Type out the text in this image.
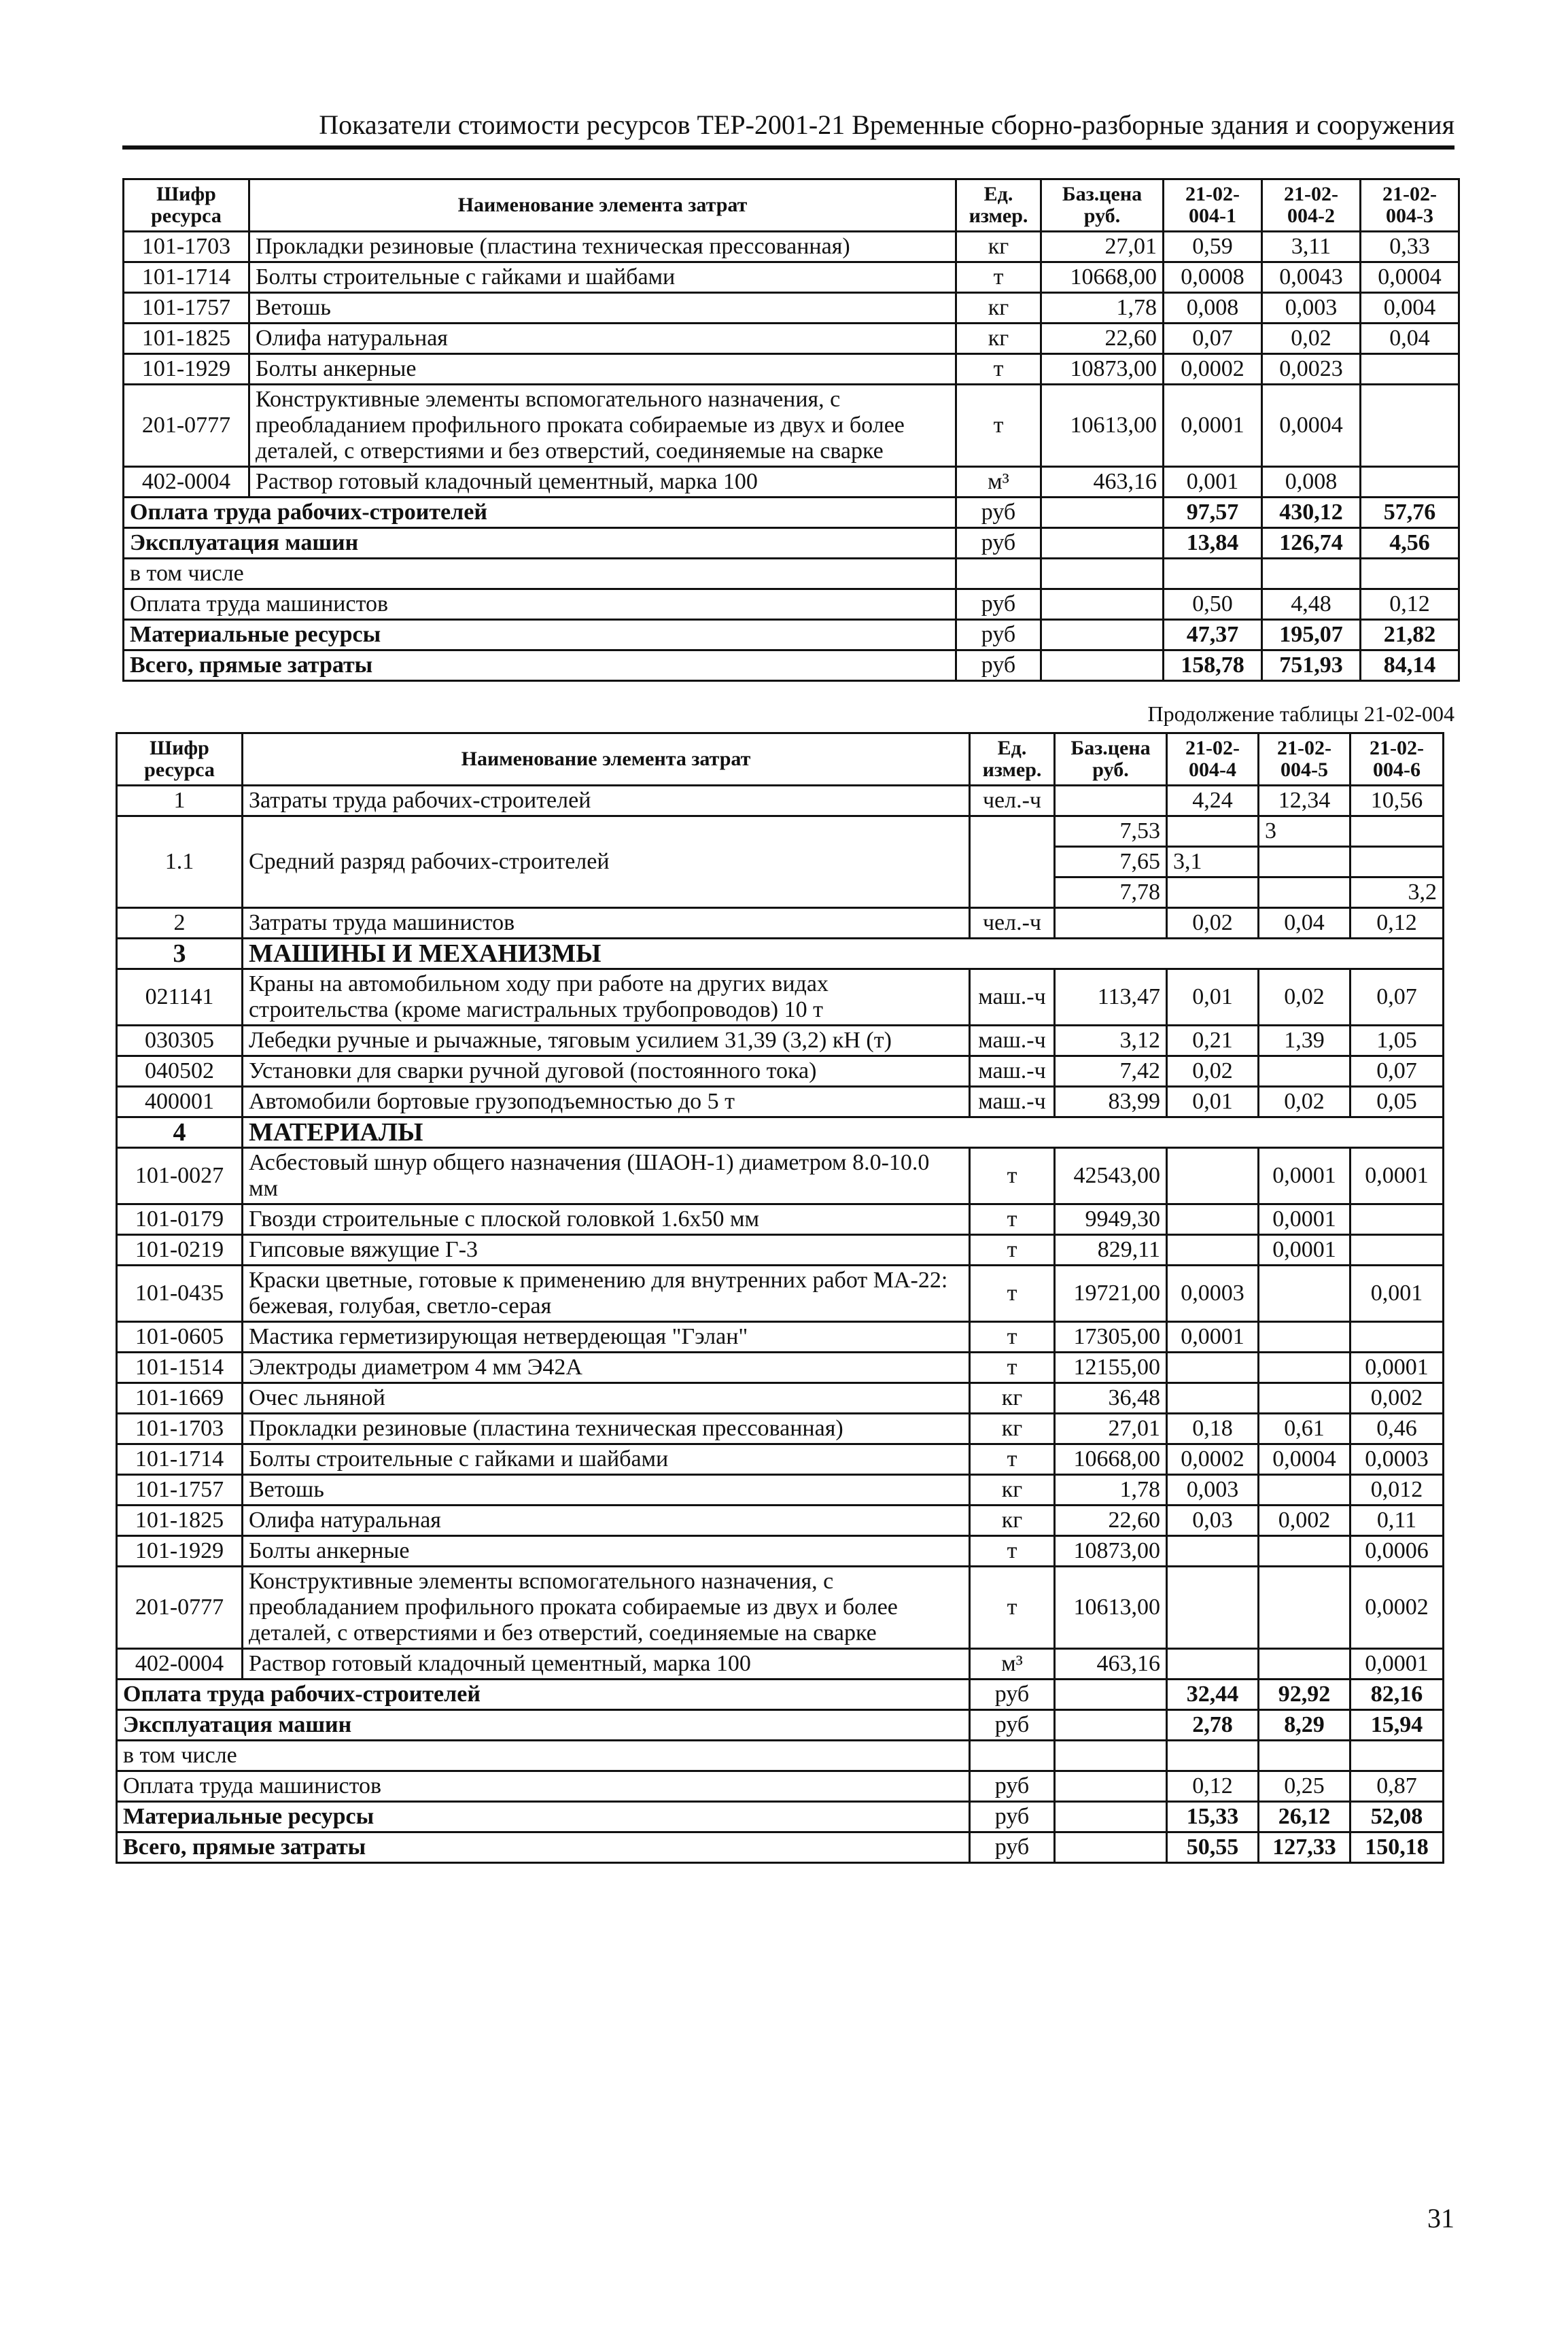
Показатели стоимости ресурсов ТЕР-2001-21 Временные сборно-разборные здания и сооружения
Шифр ресурса	Наименование элемента затрат	Ед. измер.	Баз.цена руб.	21-02-004-1	21-02-004-2	21-02-004-3
101-1703	Прокладки резиновые (пластина техническая прессованная)	кг	27,01	0,59	3,11	0,33
101-1714	Болты строительные с гайками и шайбами	т	10668,00	0,0008	0,0043	0,0004
101-1757	Ветошь	кг	1,78	0,008	0,003	0,004
101-1825	Олифа натуральная	кг	22,60	0,07	0,02	0,04
101-1929	Болты анкерные	т	10873,00	0,0002	0,0023	
201-0777	Конструктивные элементы вспомогательного назначения, с преобладанием профильного проката собираемые из двух и более деталей, с отверстиями и без отверстий, соединяемые на сварке	т	10613,00	0,0001	0,0004	
402-0004	Раствор готовый кладочный цементный, марка 100	м³	463,16	0,001	0,008	
Оплата труда рабочих-строителей		руб		97,57	430,12	57,76
Эксплуатация машин		руб		13,84	126,74	4,56
в том числе						
Оплата труда машинистов		руб		0,50	4,48	0,12
Материальные ресурсы		руб		47,37	195,07	21,82
Всего, прямые затраты		руб		158,78	751,93	84,14
Продолжение таблицы 21-02-004
Шифр ресурса	Наименование элемента затрат	Ед. измер.	Баз.цена руб.	21-02-004-4	21-02-004-5	21-02-004-6
1	Затраты труда рабочих-строителей	чел.-ч		4,24	12,34	10,56
1.1	Средний разряд рабочих-строителей		7,53		3	
			7,65	3,1		
			7,78			3,2
2	Затраты труда машинистов	чел.-ч		0,02	0,04	0,12
3	МАШИНЫ И МЕХАНИЗМЫ					
021141	Краны на автомобильном ходу при работе на других видах строительства (кроме магистральных трубопроводов) 10 т	маш.-ч	113,47	0,01	0,02	0,07
030305	Лебедки ручные и рычажные, тяговым усилием 31,39 (3,2) кН (т)	маш.-ч	3,12	0,21	1,39	1,05
040502	Установки для сварки ручной дуговой (постоянного тока)	маш.-ч	7,42	0,02		0,07
400001	Автомобили бортовые грузоподъемностью до 5 т	маш.-ч	83,99	0,01	0,02	0,05
4	МАТЕРИАЛЫ					
101-0027	Асбестовый шнур общего назначения (ШАОН-1) диаметром 8.0-10.0 мм	т	42543,00		0,0001	0,0001
101-0179	Гвозди строительные с плоской головкой 1.6х50 мм	т	9949,30		0,0001	
101-0219	Гипсовые вяжущие Г-3	т	829,11		0,0001	
101-0435	Краски цветные, готовые к применению для внутренних работ МА-22: бежевая, голубая, светло-серая	т	19721,00	0,0003		0,001
101-0605	Мастика герметизирующая нетвердеющая "Гэлан"	т	17305,00	0,0001		
101-1514	Электроды диаметром 4 мм Э42А	т	12155,00			0,0001
101-1669	Очес льняной	кг	36,48			0,002
101-1703	Прокладки резиновые (пластина техническая прессованная)	кг	27,01	0,18	0,61	0,46
101-1714	Болты строительные с гайками и шайбами	т	10668,00	0,0002	0,0004	0,0003
101-1757	Ветошь	кг	1,78	0,003		0,012
101-1825	Олифа натуральная	кг	22,60	0,03	0,002	0,11
101-1929	Болты анкерные	т	10873,00			0,0006
201-0777	Конструктивные элементы вспомогательного назначения, с преобладанием профильного проката собираемые из двух и более деталей, с отверстиями и без отверстий, соединяемые на сварке	т	10613,00			0,0002
402-0004	Раствор готовый кладочный цементный, марка 100	м³	463,16			0,0001
Оплата труда рабочих-строителей		руб		32,44	92,92	82,16
Эксплуатация машин		руб		2,78	8,29	15,94
в том числе						
Оплата труда машинистов		руб		0,12	0,25	0,87
Материальные ресурсы		руб		15,33	26,12	52,08
Всего, прямые затраты		руб		50,55	127,33	150,18
31
